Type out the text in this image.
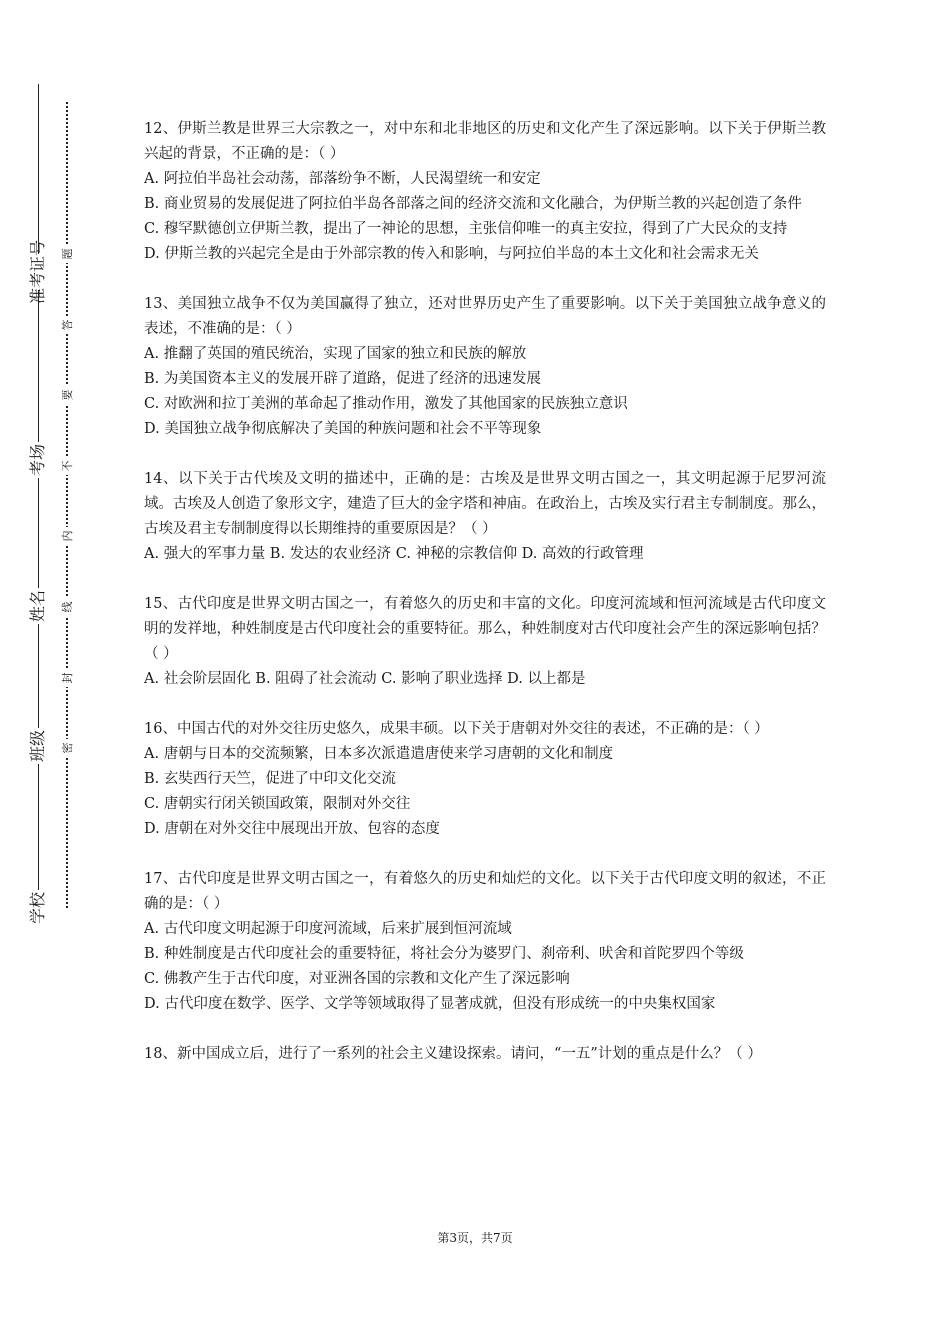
准考证号
考场
姓名
班级
学校
题
答
要
不
内
线
封
密

12、伊斯兰教是世界三大宗教之一，对中东和北非地区的历史和文化产生了深远影响。以下关于伊斯兰教兴起的背景，不正确的是：（ ）

A. 阿拉伯半岛社会动荡，部落纷争不断，人民渴望统一和安定

B. 商业贸易的发展促进了阿拉伯半岛各部落之间的经济交流和文化融合，为伊斯兰教的兴起创造了条件

C. 穆罕默德创立伊斯兰教，提出了一神论的思想，主张信仰唯一的真主安拉，得到了广大民众的支持

D. 伊斯兰教的兴起完全是由于外部宗教的传入和影响，与阿拉伯半岛的本土文化和社会需求无关

13、美国独立战争不仅为美国赢得了独立，还对世界历史产生了重要影响。以下关于美国独立战争意义的表述，不准确的是：（ ）

A. 推翻了英国的殖民统治，实现了国家的独立和民族的解放

B. 为美国资本主义的发展开辟了道路，促进了经济的迅速发展

C. 对欧洲和拉丁美洲的革命起了推动作用，激发了其他国家的民族独立意识

D. 美国独立战争彻底解决了美国的种族问题和社会不平等现象

14、以下关于古代埃及文明的描述中，正确的是：古埃及是世界文明古国之一，其文明起源于尼罗河流域。古埃及人创造了象形文字，建造了巨大的金字塔和神庙。在政治上，古埃及实行君主专制制度。那么，古埃及君主专制制度得以长期维持的重要原因是？（ ）

A. 强大的军事力量 B. 发达的农业经济 C. 神秘的宗教信仰 D. 高效的行政管理

15、古代印度是世界文明古国之一，有着悠久的历史和丰富的文化。印度河流域和恒河流域是古代印度文明的发祥地，种姓制度是古代印度社会的重要特征。那么，种姓制度对古代印度社会产生的深远影响包括？（ ）

A. 社会阶层固化 B. 阻碍了社会流动 C. 影响了职业选择 D. 以上都是

16、中国古代的对外交往历史悠久，成果丰硕。以下关于唐朝对外交往的表述，不正确的是：（ ）

A. 唐朝与日本的交流频繁，日本多次派遣遣唐使来学习唐朝的文化和制度

B. 玄奘西行天竺，促进了中印文化交流

C. 唐朝实行闭关锁国政策，限制对外交往

D. 唐朝在对外交往中展现出开放、包容的态度

17、古代印度是世界文明古国之一，有着悠久的历史和灿烂的文化。以下关于古代印度文明的叙述，不正确的是：（ ）

A. 古代印度文明起源于印度河流域，后来扩展到恒河流域

B. 种姓制度是古代印度社会的重要特征，将社会分为婆罗门、刹帝利、吠舍和首陀罗四个等级

C. 佛教产生于古代印度，对亚洲各国的宗教和文化产生了深远影响

D. 古代印度在数学、医学、文学等领域取得了显著成就，但没有形成统一的中央集权国家

18、新中国成立后，进行了一系列的社会主义建设探索。请问，“一五”计划的重点是什么？（ ）

第3页，共7页
